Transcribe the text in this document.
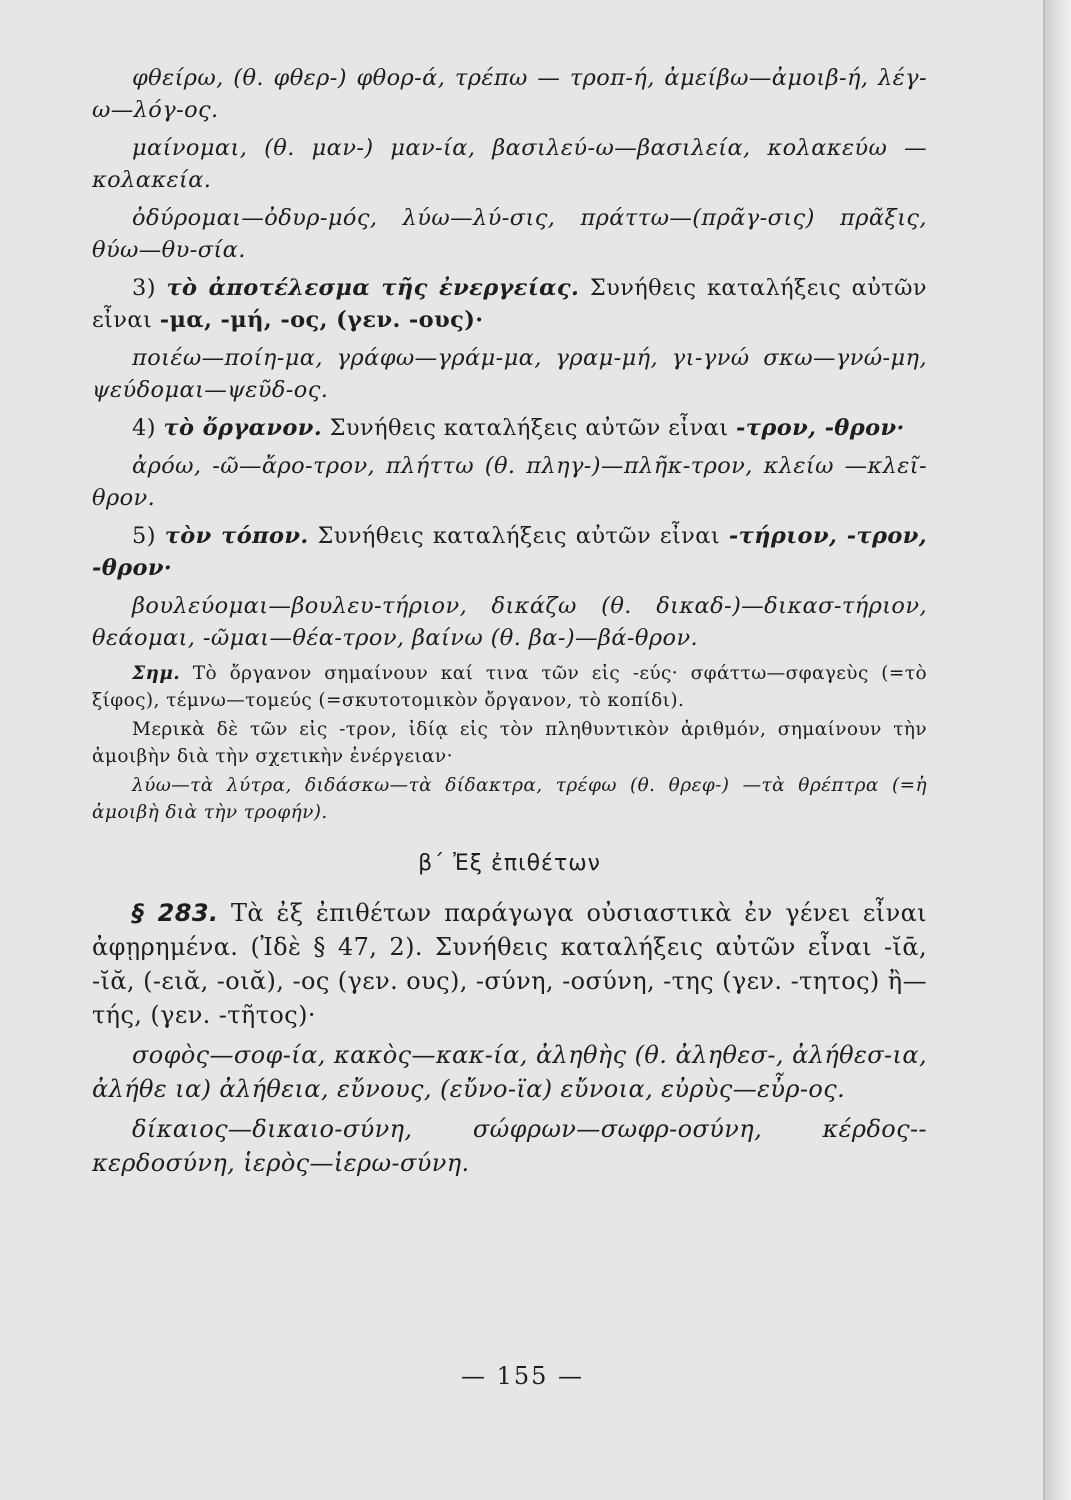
φθείρω, (θ. φθερ-) φθορ-ά, τρέπω — τροπ-ή, ἀμείβω—ἀμοιβ-ή, λέγ-ω—λόγ-ος.

μαίνομαι, (θ. μαν-) μαν-ία, βασιλεύ-ω—βασιλεία, κολακεύω —κολακεία.

ὀδύρομαι—ὀδυρ-μός, λύω—λύ-σις, πράττω—(πρᾶγ-σις) πρᾶξις, θύω—θυ-σία.

3) τὸ ἀποτέλεσμα τῆς ἐνεργείας. Συνήθεις καταλήξεις αὐτῶν εἶναι -μα, -μή, -ος, (γεν. -ους)·

ποιέω—ποίη-μα, γράφω—γράμ-μα, γραμ-μή, γι-γνώ σκω—γνώ-μη, ψεύδομαι—ψεῦδ-ος.

4) τὸ ὄργανον. Συνήθεις καταλήξεις αὐτῶν εἶναι -τρον, -θρον·

ἀρόω, -ῶ—ἄρο-τρον, πλήττω (θ. πληγ-)—πλῆκ-τρον, κλείω —κλεῖ-θρον.

5) τὸν τόπον. Συνήθεις καταλήξεις αὐτῶν εἶναι -τήριον, -τρον, -θρον·

βουλεύομαι—βουλευ-τήριον, δικάζω (θ. δικαδ-)—δικασ-τήριον, θεάομαι, -ῶμαι—θέα-τρον, βαίνω (θ. βα-)—βά-θρον.

Σημ. Τὸ ὄργανον σημαίνουν καί τινα τῶν εἰς -εύς· σφάττω—σφαγεὺς (=τὸ ξίφος), τέμνω—τομεύς (=σκυτοτομικὸν ὄργανον, τὸ κοπίδι).

Μερικὰ δὲ τῶν εἰς -τρον, ἰδίᾳ εἰς τὸν πληθυντικὸν ἀριθμόν, σημαίνουν τὴν ἀμοιβὴν διὰ τὴν σχετικὴν ἐνέργειαν·

λύω—τὰ λύτρα, διδάσκω—τὰ δίδακτρα, τρέφω (θ. θρεφ-) —τὰ θρέπτρα (=ἡ ἀμοιβὴ διὰ τὴν τροφήν).

β΄ Ἐξ ἐπιθέτων

§ 283. Τὰ ἐξ ἐπιθέτων παράγωγα οὐσιαστικὰ ἐν γένει εἶναι ἀφῃρημένα. (Ἰδὲ § 47, 2). Συνήθεις καταλήξεις αὐτῶν εἶναι -ῐᾱ, -ῐᾰ, (-ειᾰ, -οιᾰ), -ος (γεν. ους), -σύνη, -οσύνη, -της (γεν. -τητος) ἢ—τής, (γεν. -τῆτος)·

σοφὸς—σοφ-ία, κακὸς—κακ-ία, ἀληθὴς (θ. ἀληθεσ-, ἀλήθεσ-ια, ἀλήθε ια) ἀλήθεια, εὔνους, (εὔνο-ϊα) εὔνοια, εὐρὺς—εὖρ-ος.

δίκαιος—δικαιο-σύνη, σώφρων—σωφρ-οσύνη, κέρδος--κερδοσύνη, ἱερὸς—ἱερω-σύνη.

— 155 —
